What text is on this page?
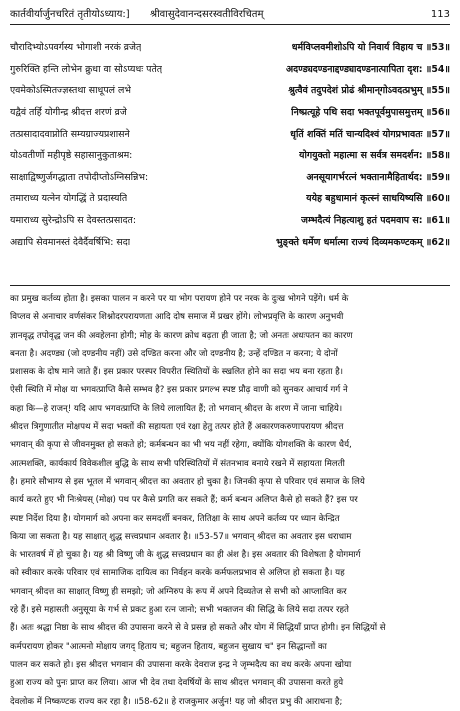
कार्तवीर्यार्जुनचरितं तृतीयोऽध्याय:] श्रीवासुदेवानन्दसरस्वतीविरचितम्	113
चौरादिभ्योऽपवर्गस्य भोगाशी नरकं व्रजेत्	धर्मविप्लवमीशोऽपि यो निवार्य विहाय च ॥53॥
गुरुरिक्ति हन्ति लोभेन क्रुधा वा सोऽप्यधः पतेत्	अदण्ड्यदण्डनाद्दण्ड्यादण्डनात्पापिता दृश: ॥54॥
एवमेकोऽस्मितज्ज्ञस्तथा साधूपलं लभे	श्रुत्वैवं तदुपदेशं प्रोढं श्रीमान्‌गोऽवदत्प्रभुम् ॥55॥
यद्वैवं तर्हि योगीन्द्र श्रीदत्त शरणं व्रजे	निष्प्रत्यूहे पथि सदा भक्तपूर्वमुपासमुत्तम् ॥56॥
तत्प्रसादादवाप्नोति सम्यग्राज्यप्रशासने	धृतिं शक्तिं मतिं चान्यदिश्वं योगप्रभावतः ॥57॥
योऽवतीर्णो महीपृष्ठे सहासानुकुताश्रम:	योगयुक्तो महात्मा स सर्वत्र समदर्शन: ॥58॥
साक्षाद्विष्णुर्जगद्धाता तपोदीप्तोऽग्निसन्निभ:	अनसूयागर्भरत्नं भक्तानामैहितार्थद: ॥59॥
तमाराध्य यत्नेन योगद्धिं ते प्रदास्यति	ययेह बहुधामानं कृत्स्नं साधयिष्यसि ॥60॥
यमाराध्य सुरेन्द्रोऽपि स देवस्तत्प्रसादत:	जम्भदैत्यं निहत्याशु हतं पदमवाप स: ॥61॥
अद्यापि सेवमानस्तं देवैर्दैवर्षिभि: सदा	भुङ्क्ते धर्मेण धर्मात्मा राज्यं दिव्यमकण्टकम् ॥62॥
का प्रमुख कर्तव्य होता है। इसका पालन न करने पर या भोग परायण होने पर नरक के दुःख भोगने पड़ेंगे। धर्म के
विप्लव से अनाचार वर्णसंकर शिश्नोदरपरायणता आदि दोष समाज में प्रखर होंगे। लोभप्रवृत्ति के कारण अनुभवी
ज्ञानवृद्ध तपोवृद्ध जन की अवहेलना होगी; मोह के कारण क्रोध बढ़ता ही जाता है; जो अनतः अधःपतन का कारण
बनता है। अदण्ड्य (जो दण्डनीय नहीं) उसे दण्डित करना और जो दण्डनीय है; उन्हें दण्डित न करना; ये दोनों
प्रशासक के दोष माने जाते हैं। इस प्रकार परस्पर विपरीत स्थितियों के स्खलित होने का सदा भय बना रहता है।
ऐसी स्थिति में मोक्ष या भगवत्प्राप्ति कैसे सम्भव है? इस प्रकार प्रगल्भ स्पष्ट प्रौढ़ वाणी को सुनकर आचार्य गर्ग ने
कहा कि—हे राजन्! यदि आप भगवत्प्राप्ति के लिये लालायित हैं; तो भगवान् श्रीदत्त के शरण में जाना चाहिये।
श्रीदत्त त्रिगुणातीत मोक्षपथ में सदा भक्तों की सहायता एवं रक्षा हेतु तत्पर होते हैं अकारणकरुणापरायण श्रीदत्त
भगवान् की कृपा से जीवनमुक्त हो सकते हो; कर्मबन्धन का भी भय नहीं रहेगा, क्योंकि योगशक्ति के कारण धैर्य,
आत्मशक्ति, कार्यकार्य विवेकशील बुद्धि के साथ सभी परिस्थितियों में संतनभाव बनाये रखने में सहायता मिलती
है। हमारे सौभाग्य से इस भूतल में भगवान् श्रीदत्त का अवतार हो चुका है। जिनकी कृपा से परिवार एवं समाज के लिये
कार्य करते हुए भी निःश्रेयस् (मोक्ष) पथ पर कैसे प्रगति कर सकते हैं; कर्म बन्धन अलिप्त कैसे हो सकते हैं? इस पर
स्पष्ट निर्देश दिया है। योगमार्ग को अपना कर समदर्शी बनकर, तितिक्षा के साथ अपने कर्तव्य पर ध्यान केन्द्रित
किया जा सकता है। यह साक्षात् शुद्ध सत्त्वप्रधान अवतार है। ॥53-57॥ भगवान् श्रीदत्त का अवतार इस धराधाम
के भारतवर्ष में हो चुका है। यह श्री विष्णु जी के शुद्ध सत्त्वप्रधान का ही अंश है। इस अवतार की विशेषता है योगमार्ग
को स्वीकार करके परिवार एवं सामाजिक दायित्व का निर्वहन करके कर्मफलप्रभाव से अलिप्त हो सकता है। यह
भगवान् श्रीदत्त का साक्षात् विष्णु ही समझो; जो अग्निरुप के रूप में अपने दिव्यतेज से सभी को आप्लावित कर
रहे हैं। इसे महासती अनुसूया के गर्भ से प्रकट हुआ रत्न जानो; सभी भक्तजन की सिद्धि के लिये सदा तत्पर रहते
हैं। अतः श्रद्धा निष्ठा के साथ श्रीदत्त की उपासना करने से वे प्रसन्न हो सकते और योग में सिद्धियाँ प्राप्त होगी। इन सिद्धियों से
कर्मपरायण होकर "आत्मनो मोक्षाय जगद् हिताय च; बहुजन हिताय, बहुजन सुखाय च" इन सिद्धान्तों का
पालन कर सकते हो। इस श्रीदत्त भगवान की उपासना करके देवराज इन्द्र ने जृम्भदैत्य का वध करके अपना खोया
हुआ राज्य को पुनः प्राप्त कर लिया। आज भी देव तथा देवर्षियों के साथ श्रीदत्त भगवान् की उपासना करते हुये
देवलोक में निष्कण्टक राज्य कर रहा है। ॥58-62॥ हे राजकुमार अर्जुन! यह जो श्रीदत्त प्रभु की आराधना है;
